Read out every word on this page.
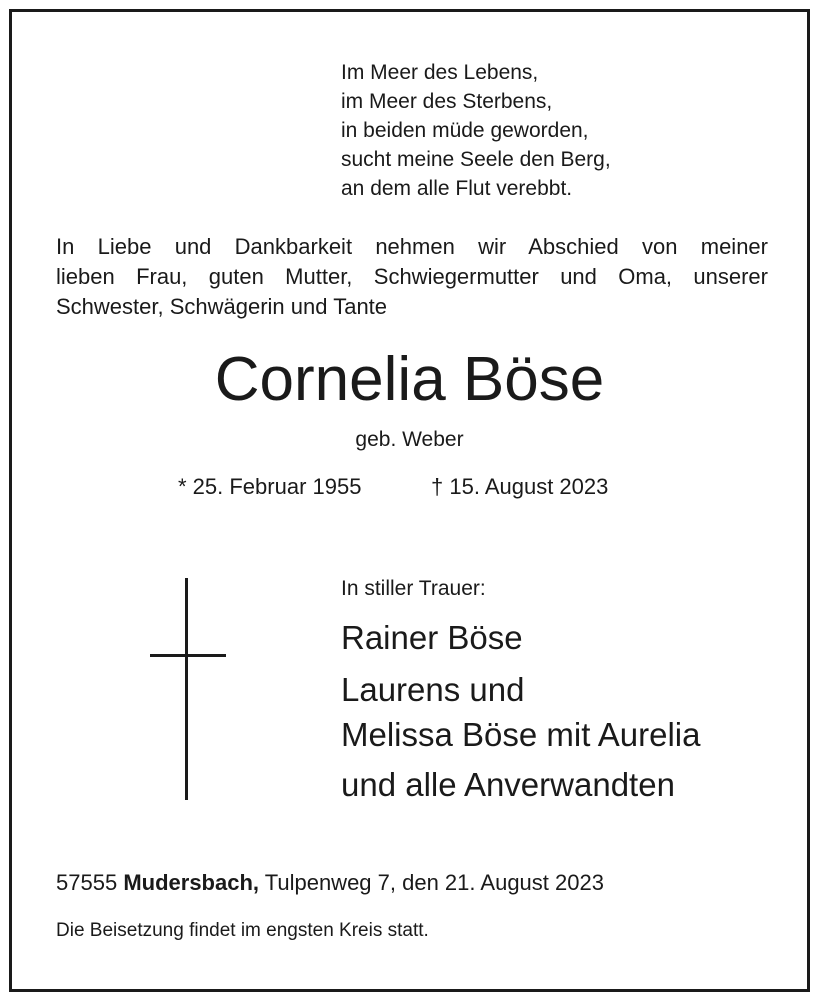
Im Meer des Lebens,
im Meer des Sterbens,
in beiden müde geworden,
sucht meine Seele den Berg,
an dem alle Flut verebbt.
In Liebe und Dankbarkeit nehmen wir Abschied von meiner
lieben Frau, guten Mutter, Schwiegermutter und Oma, unserer
Schwester, Schwägerin und Tante
Cornelia Böse
geb. Weber
* 25. Februar 1955	† 15. August 2023
In stiller Trauer:
Rainer Böse
Laurens und
Melissa Böse mit Aurelia
und alle Anverwandten
57555 Mudersbach, Tulpenweg 7, den 21. August 2023
Die Beisetzung findet im engsten Kreis statt.
